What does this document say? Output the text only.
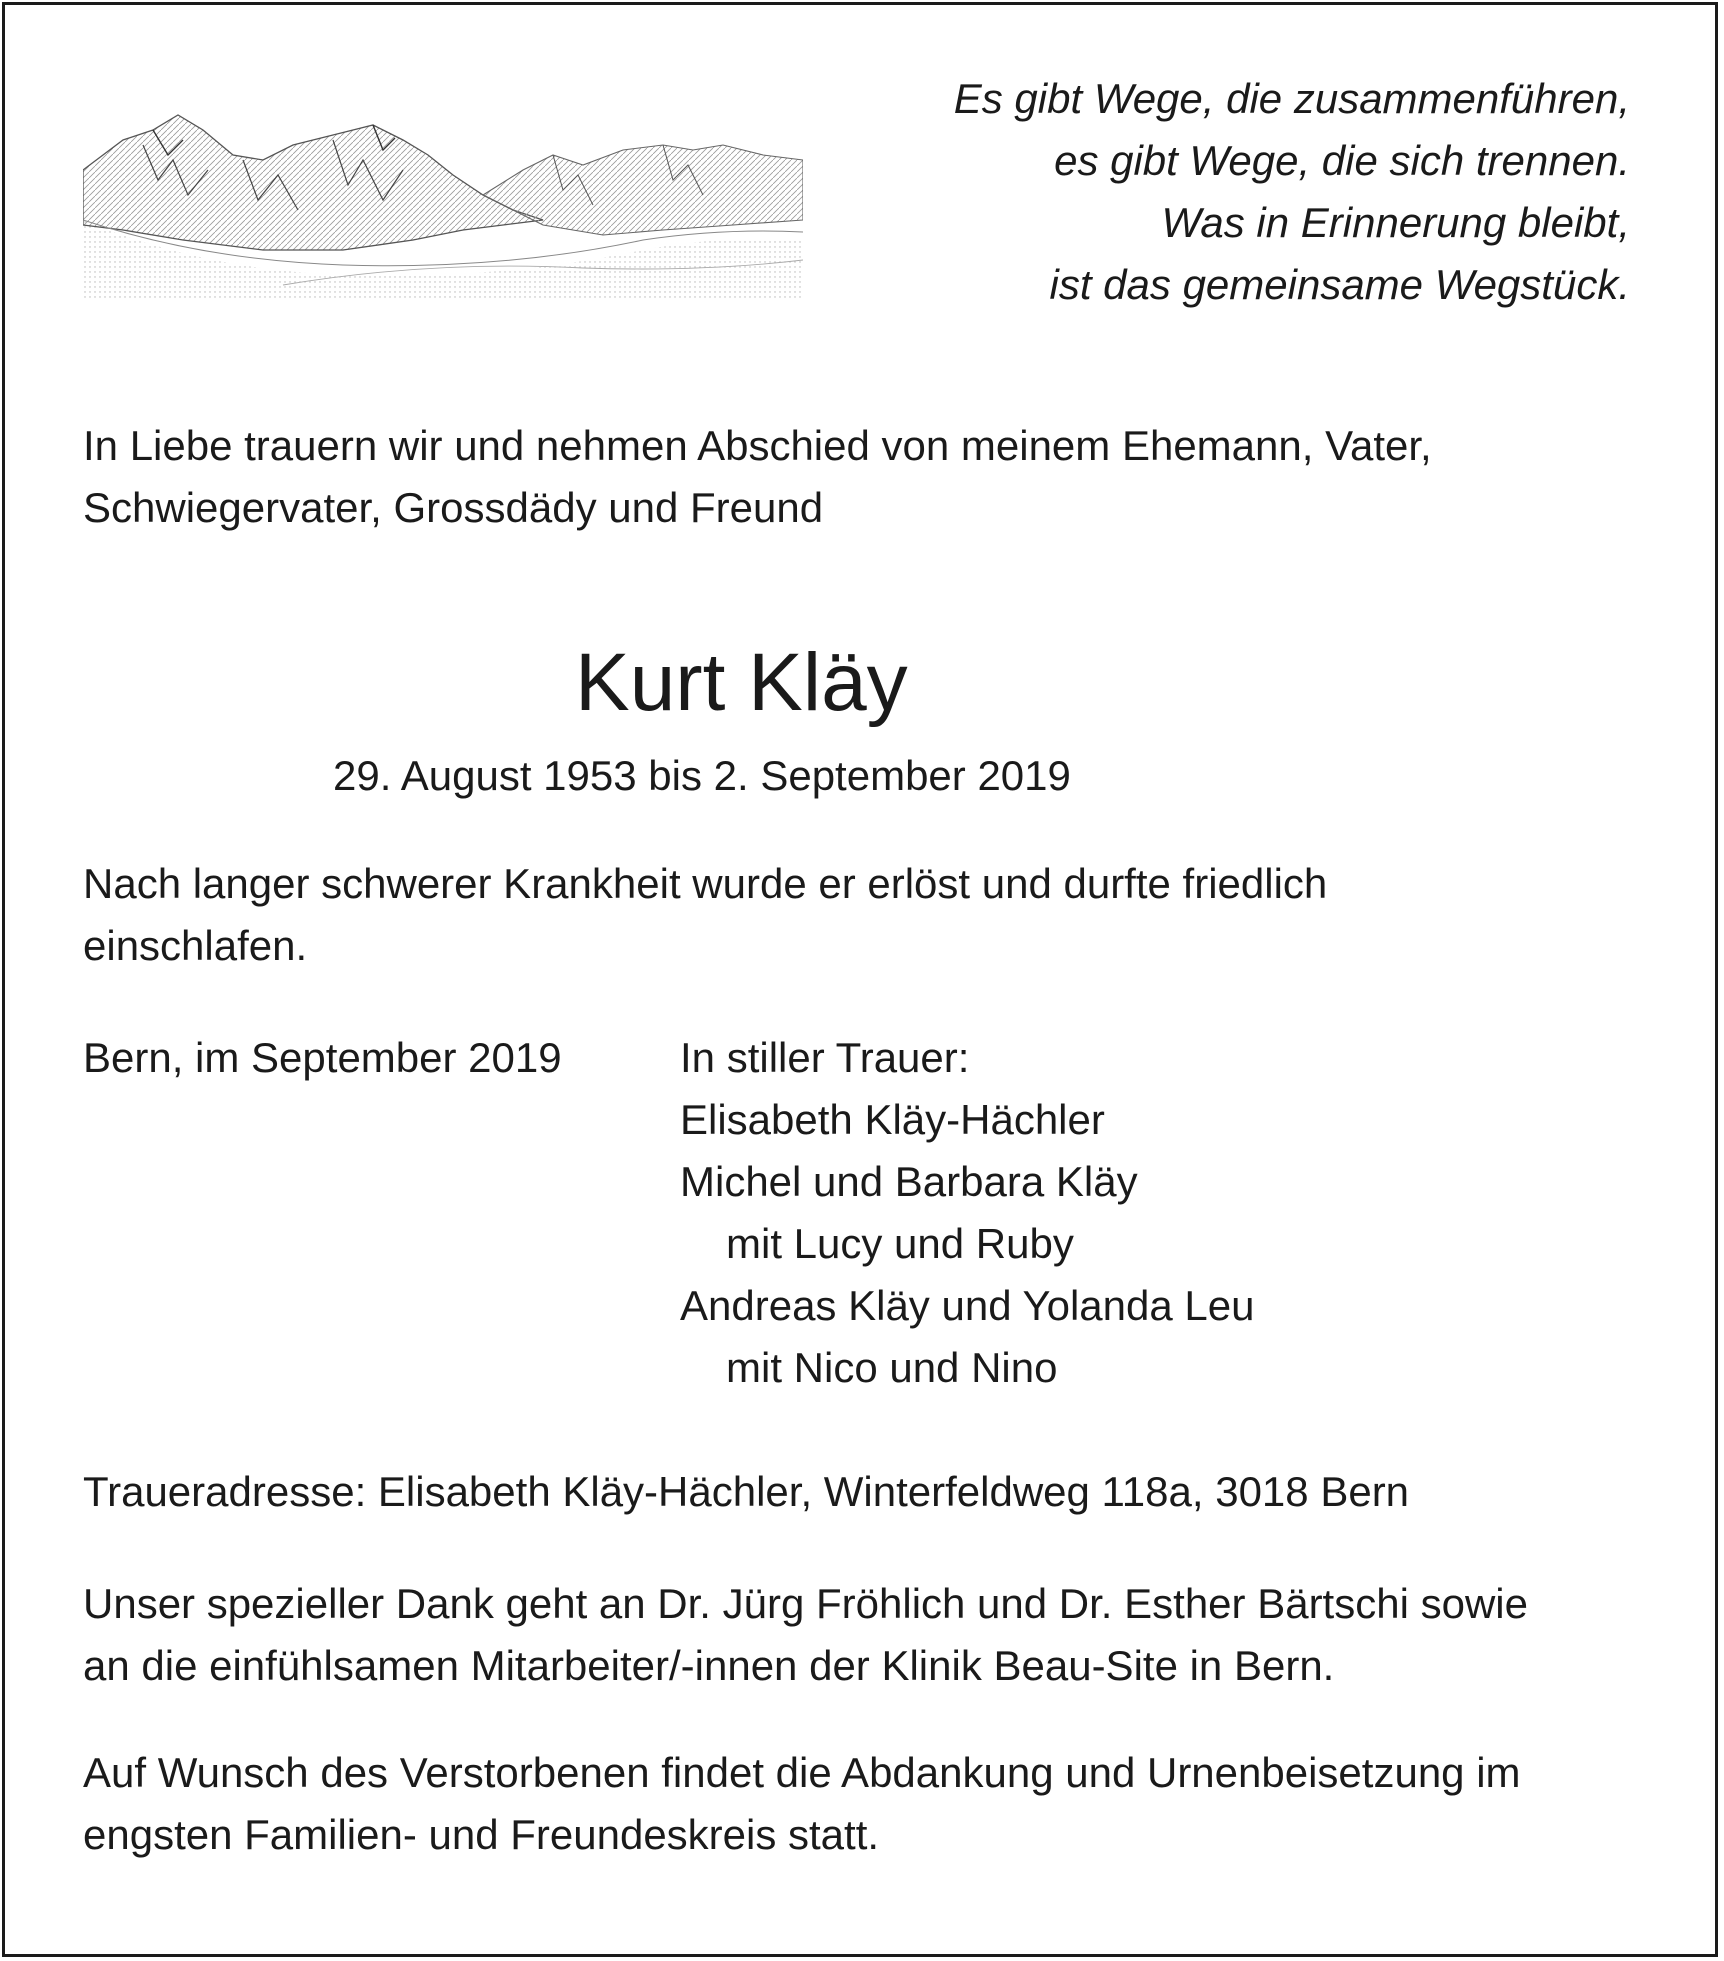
Es gibt Wege, die zusammenführen,
es gibt Wege, die sich trennen.
Was in Erinnerung bleibt,
ist das gemeinsame Wegstück.
In Liebe trauern wir und nehmen Abschied von meinem Ehemann, Vater,
Schwiegervater, Grossdädy und Freund
Kurt Kläy
29. August 1953 bis 2. September 2019
Nach langer schwerer Krankheit wurde er erlöst und durfte friedlich
einschlafen.
Bern, im September 2019	In stiller Trauer:
Elisabeth Kläy-Hächler
Michel und Barbara Kläy
mit Lucy und Ruby
Andreas Kläy und Yolanda Leu
mit Nico und Nino
Traueradresse: Elisabeth Kläy-Hächler, Winterfeldweg 118a, 3018 Bern
Unser spezieller Dank geht an Dr. Jürg Fröhlich und Dr. Esther Bärtschi sowie
an die einfühlsamen Mitarbeiter/-innen der Klinik Beau-Site in Bern.
Auf Wunsch des Verstorbenen findet die Abdankung und Urnenbeisetzung im
engsten Familien- und Freundeskreis statt.
